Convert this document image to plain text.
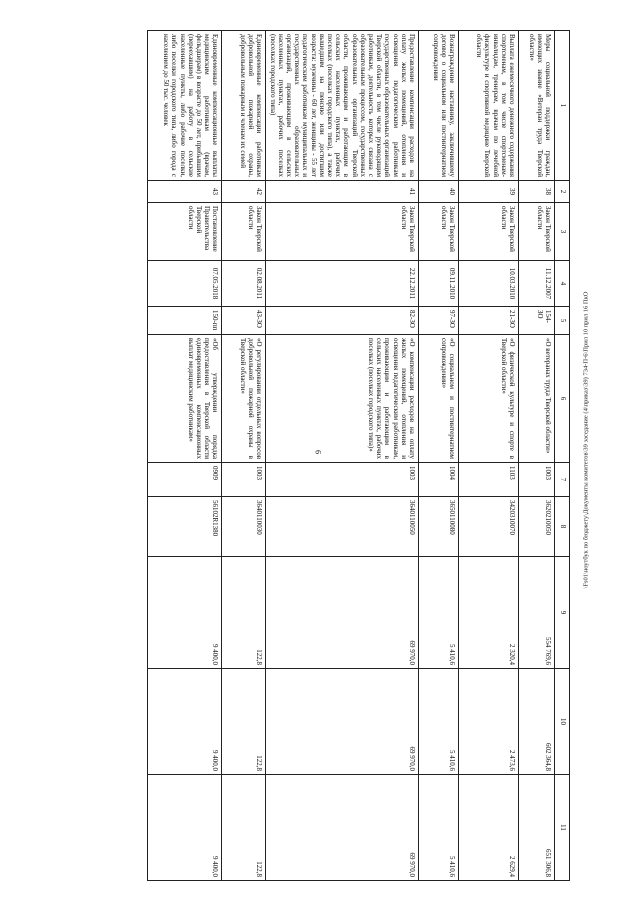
6
1	2	3	4	5	6	7	8	9	10	11
Меры социальной поддержки граждан, имеющих звание «Ветеран труда Тверской области»	38	Закон Тверской области	11.12.2007	154-ЗО	«О ветеранах труда Тверской области»	1003	3620210050	554 769,6	602 364,8	651 306,8
Выплата ежемесячного денежного содержания спортсменам, в том числе спортсменам-инвалидам, тренерам, врачам по лечебной физкультуре и спортивной медицине Тверской области	39	Закон Тверской области	10.03.2010	21-ЗО	«О физической культуре и спорте в Тверской области»	1103	3420310070	2 320,4	2 473,6	2 629,4
Вознаграждение наставнику, заключившему договор о социальном или постинтернатном сопровождении	40	Закон Тверской области	09.11.2010	97-ЗО	«О социальном и постинтернатном сопровождении»	1004	3650110080	5 410,6	5 410,6	5 410,6
Предоставление компенсации расходов на оплату жилых помещений, отопления и освещения педагогическим работникам государственных образовательных организаций Тверской области, в том числе руководящим работникам, деятельность которых связана с образовательным процессом, государственных образовательных организаций Тверской области, проживающим и работающим в сельских населенных пунктах, рабочих поселках (поселках городского типа), а также вышедшим на пенсию или достигшим возраста: мужчины - 60 лет, женщины - 55 лет педагогическим работникам муниципальных и государственных образовательных организаций, проживающим в сельских населенных пунктах, рабочих поселках (поселках городского типа)	41	Закон Тверской области	22.12.2011	82-ЗО	«О компенсации расходов на оплату жилых помещений, отопления и освещения педагогическим работникам, проживающим и работающим в сельских населенных пунктах, рабочих поселках (поселках городского типа)»	1003	3640110050	69 970,0	69 970,0	69 970,0
Единовременные компенсации работникам добровольной пожарной охраны, добровольным пожарным и членам их семей	42	Закон Тверской области	02.08.2011	43-ЗО	«О регулировании отдельных вопросов добровольной пожарной охраны в Тверской области»	1003	3640110030	122,8	122,8	122,8
Единовременные компенсационные выплаты медицинским работникам (врачам, фельдшерам) в возрасте до 50 лет, прибывшим (переехавшим) на работу в сельские населенные пункты, либо рабочие поселки, либо поселки городского типа, либо города с населением до 50 тыс. человек	43	Постановление Правительства Тверской области	07.05.2018	150-пп	«Об утверждении порядка предоставления в Тверской области единовременных компенсационных выплат медицинским работникам»	0909	56102R1380	9 400,0	9 400,0	9 400,0
\Fs01\ноутбук по бюджету\Документы комитетов\39 заседание (4\приказ\39) 734-П-6\Прил 10 прил 16 ПкО
